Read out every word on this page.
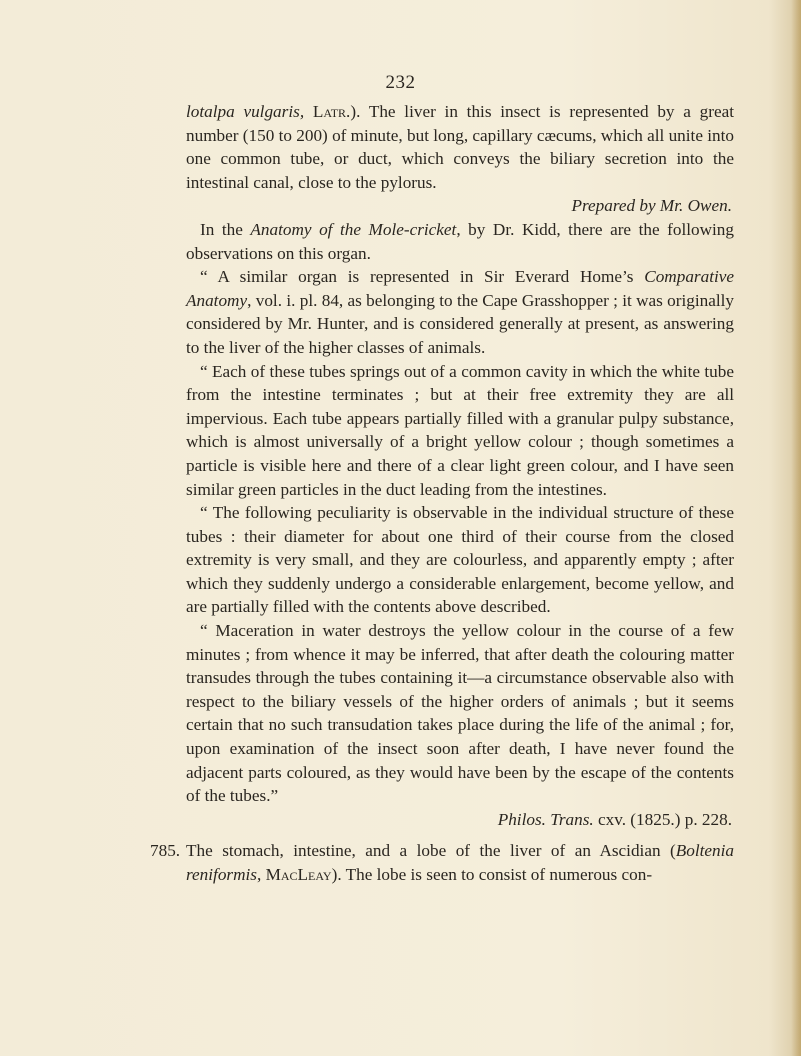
232

lotalpa vulgaris, Latr.). The liver in this insect is represented by a great number (150 to 200) of minute, but long, capillary cæcums, which all unite into one common tube, or duct, which conveys the biliary secretion into the intestinal canal, close to the pylorus.

Prepared by Mr. Owen.

In the Anatomy of the Mole-cricket, by Dr. Kidd, there are the following observations on this organ.

“ A similar organ is represented in Sir Everard Home’s Comparative Anatomy, vol. i. pl. 84, as belonging to the Cape Grasshopper ; it was originally considered by Mr. Hunter, and is considered generally at present, as answering to the liver of the higher classes of animals.

“ Each of these tubes springs out of a common cavity in which the white tube from the intestine terminates ; but at their free extremity they are all impervious. Each tube appears partially filled with a granular pulpy substance, which is almost universally of a bright yellow colour ; though sometimes a particle is visible here and there of a clear light green colour, and I have seen similar green particles in the duct leading from the intestines.

“ The following peculiarity is observable in the individual structure of these tubes : their diameter for about one third of their course from the closed extremity is very small, and they are colourless, and apparently empty ; after which they suddenly undergo a considerable enlargement, become yellow, and are partially filled with the contents above described.

“ Maceration in water destroys the yellow colour in the course of a few minutes ; from whence it may be inferred, that after death the colouring matter transudes through the tubes containing it—a circumstance observable also with respect to the biliary vessels of the higher orders of animals ; but it seems certain that no such transudation takes place during the life of the animal ; for, upon examination of the insect soon after death, I have never found the adjacent parts coloured, as they would have been by the escape of the contents of the tubes.”

Philos. Trans. cxv. (1825.) p. 228.

785. The stomach, intestine, and a lobe of the liver of an Ascidian (Boltenia reniformis, MacLeay). The lobe is seen to consist of numerous con-
